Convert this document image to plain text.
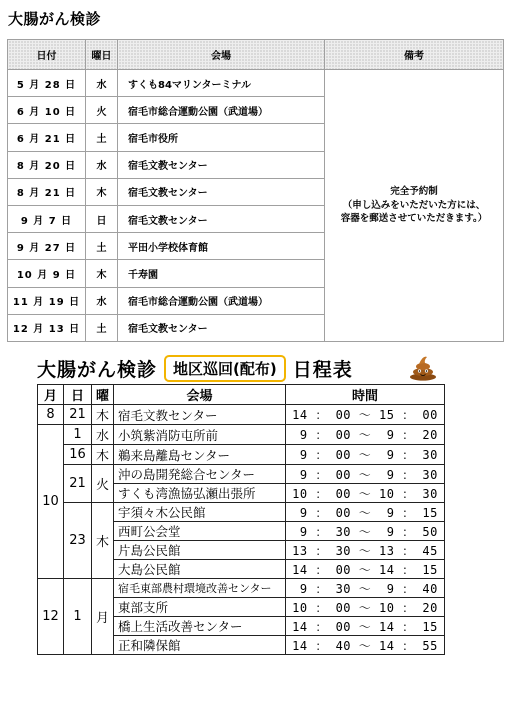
大腸がん検診
日付	曜日	会場	備考
5 月 28 日	水	すくも84マリンターミナル	完全予約制
（申し込みをいただいた方には、
容器を郵送させていただきます。）

6 月 10 日	火	宿毛市総合運動公園（武道場）	
6 月 21 日	土	宿毛市役所	
8 月 20 日	水	宿毛文教センター	
8 月 21 日	木	宿毛文教センター	
9 月 7 日	日	宿毛文教センター	
9 月 27 日	土	平田小学校体育館	
10 月 9 日	木	千寿園	
11 月 19 日	水	宿毛市総合運動公園（武道場）	
12 月 13 日	土	宿毛文教センター	
大腸がん検診	地区巡回(配布) 日程表
月	日	曜	会場	時間
8	21	木	宿毛文教センター	14 ： 00 ～ 15 ： 00
10	1	水	小筑紫消防屯所前	9 ： 00 ～  9 ： 20
	16	木	鵜来島離島センター	9 ： 00 ～  9 ： 30
	21	火	沖の島開発総合センター	9 ： 00 ～  9 ： 30
			すくも湾漁協弘瀬出張所	10 ： 00 ～ 10 ： 30
	23	木	宇須々木公民館	9 ： 00 ～  9 ： 15
			西町公会堂	9 ： 30 ～  9 ： 50
			片島公民館	13 ： 30 ～ 13 ： 45
			大島公民館	14 ： 00 ～ 14 ： 15
12	1	月	宿毛東部農村環境改善センター	9 ： 30 ～  9 ： 40
			東部支所	10 ： 00 ～ 10 ： 20
			橋上生活改善センター	14 ： 00 ～ 14 ： 15
			正和隣保館	14 ： 40 ～ 14 ： 55
